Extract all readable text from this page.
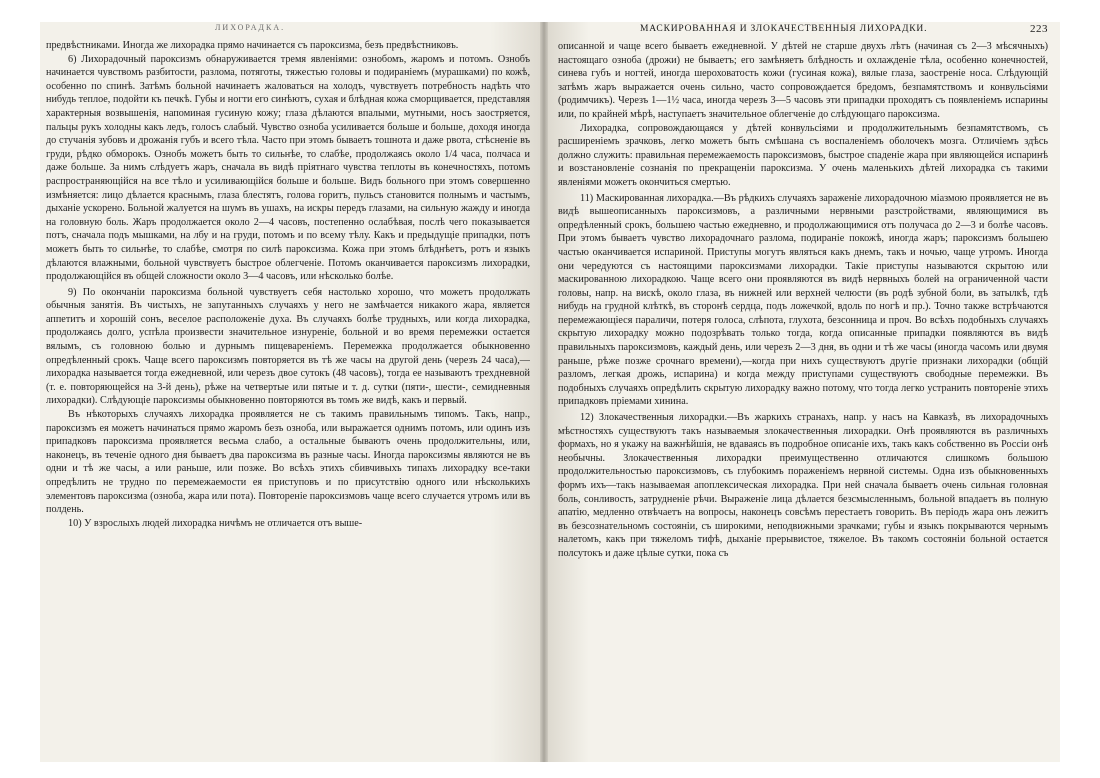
ЛИХОРАДКА.

предвѣстниками. Иногда же лихорадка прямо начинается съ пароксизма, безъ предвѣстниковъ.

6) Лихорадочный пароксизмъ обнаруживается тремя явленіями: ознобомъ, жаромъ и потомъ. Ознобъ начинается чувствомъ разбитости, разлома, потяготы, тяжестью головы и подираніемъ (мурашками) по кожѣ, особенно по спинѣ. Затѣмъ больной начинаетъ жаловаться на холодъ, чувствуетъ потребность надѣть что нибудь теплое, подойти къ печкѣ. Губы и ногти его синѣютъ, сухая и блѣдная кожа сморщивается, представляя характерныя возвышенія, напоминая гусиную кожу; глаза дѣлаются впалыми, мутными, носъ заостряется, пальцы рукъ холодны какъ ледъ, голосъ слабый. Чувство озноба усиливается больше и больше, доходя иногда до стучанія зубовъ и дрожанія губъ и всего тѣла. Часто при этомъ бываетъ тошнота и даже рвота, стѣсненіе въ груди, рѣдко обморокъ. Ознобъ можетъ быть то сильнѣе, то слабѣе, продолжаясь около 1/4 часа, полчаса и даже больше. За нимъ слѣдуетъ жаръ, сначала въ видѣ пріятнаго чувства теплоты въ конечностяхъ, потомъ распространяющійся на все тѣло и усиливающійся больше и больше. Видъ больного при этомъ совершенно измѣняется: лицо дѣлается краснымъ, глаза блестятъ, голова горитъ, пульсъ становится полнымъ и частымъ, дыханіе ускорено. Больной жалуется на шумъ въ ушахъ, на искры передъ глазами, на сильную жажду и иногда на головную боль. Жаръ продолжается около 2—4 часовъ, постепенно ослабѣвая, послѣ чего показывается потъ, сначала подъ мышками, на лбу и на груди, потомъ и по всему тѣлу. Какъ и предыдущіе припадки, потъ можетъ быть то сильнѣе, то слабѣе, смотря по силѣ пароксизма. Кожа при этомъ блѣднѣетъ, ротъ и языкъ дѣлаются влажными, больной чувствуетъ быстрое облегченіе. Потомъ оканчивается пароксизмъ лихорадки, продолжающійся въ общей сложности около 3—4 часовъ, или нѣсколько болѣе.

9) По окончаніи пароксизма больной чувствуетъ себя настолько хорошо, что можетъ продолжать обычныя занятія. Въ чистыхъ, не запутанныхъ случаяхъ у него не замѣчается никакого жара, является аппетитъ и хорошій сонъ, веселое расположеніе духа. Въ случаяхъ болѣе трудныхъ, или когда лихорадка, продолжаясь долго, успѣла произвести значительное изнуреніе, больной и во время перемежки остается вялымъ, съ головною болью и дурнымъ пищевареніемъ. Перемежка продолжается обыкновенно опредѣленный срокъ. Чаще всего пароксизмъ повторяется въ тѣ же часы на другой день (черезъ 24 часа),—лихорадка называется тогда ежедневной, или черезъ двое сутокъ (48 часовъ), тогда ее называютъ трехдневной (т. е. повторяющейся на 3-й день), рѣже на четвертые или пятые и т. д. сутки (пяти-, шести-, семидневныя лихорадки). Слѣдующіе пароксизмы обыкновенно повторяются въ томъ же видѣ, какъ и первый.

Въ нѣкоторыхъ случаяхъ лихорадка проявляется не съ такимъ правильнымъ типомъ. Такъ, напр., пароксизмъ ея можетъ начинаться прямо жаромъ безъ озноба, или выражается однимъ потомъ, или одинъ изъ припадковъ пароксизма проявляется весьма слабо, а остальные бываютъ очень продолжительны, или, наконецъ, въ теченіе одного дня бываетъ два пароксизма въ разные часы. Иногда пароксизмы являются не въ одни и тѣ же часы, а или раньше, или позже. Во всѣхъ этихъ сбивчивыхъ типахъ лихорадку все-таки опредѣлить не трудно по перемежаемости ея приступовъ и по присутствію одного или нѣсколькихъ элементовъ пароксизма (озноба, жара или пота). Повтореніе пароксизмовъ чаще всего случается утромъ или въ полдень.

10) У взрослыхъ людей лихорадка ничѣмъ не отличается отъ выше-

МАСКИРОВАННАЯ И ЗЛОКАЧЕСТВЕННЫЯ ЛИХОРАДКИ.	223

описанной и чаще всего бываетъ ежедневной. У дѣтей не старше двухъ лѣтъ (начиная съ 2—3 мѣсячныхъ) настоящаго озноба (дрожи) не бываетъ; его замѣняетъ блѣдность и охлажденіе тѣла, особенно конечностей, синева губъ и ногтей, иногда шероховатость кожи (гусиная кожа), вялые глаза, заостреніе носа. Слѣдующій затѣмъ жаръ выражается очень сильно, часто сопровождается бредомъ, безпамятствомъ и конвульсіями (родимчикъ). Черезъ 1—1½ часа, иногда черезъ 3—5 часовъ эти припадки проходятъ съ появленіемъ испарины или, по крайней мѣрѣ, наступаетъ значительное облегченіе до слѣдующаго пароксизма.

Лихорадка, сопровождающаяся у дѣтей конвульсіями и продолжительнымъ безпамятствомъ, съ расширеніемъ зрачковъ, легко можетъ быть смѣшана съ воспаленіемъ оболочекъ мозга. Отличіемъ здѣсь должно служить: правильная перемежаемость пароксизмовъ, быстрое спаденіе жара при являющейся испаринѣ и возстановленіе сознанія по прекращеніи пароксизма. У очень маленькихъ дѣтей лихорадка съ такими явленіями можетъ окончиться смертью.

11) Маскированная лихорадка.—Въ рѣдкихъ случаяхъ зараженіе лихорадочною міазмою проявляется не въ видѣ вышеописанныхъ пароксизмовъ, а различными нервными разстройствами, являющимися въ опредѣленный срокъ, большею частью ежедневно, и продолжающимися отъ получаса до 2—3 и болѣе часовъ. При этомъ бываетъ чувство лихорадочнаго разлома, подираніе покожѣ, иногда жаръ; пароксизмъ большею частью оканчивается испариной. Приступы могутъ являться какъ днемъ, такъ и ночью, чаще утромъ. Иногда они чередуются съ настоящими пароксизмами лихорадки. Такіе приступы называются скрытою или маскированною лихорадкою. Чаще всего они проявляются въ видѣ нервныхъ болей на ограниченной части головы, напр. на вискѣ, около глаза, въ нижней или верхней челюсти (въ родѣ зубной боли, въ затылкѣ, гдѣ нибудь на грудной клѣткѣ, въ сторонѣ сердца, подъ ложечкой, вдоль по ногѣ и пр.). Точно также встрѣчаются перемежающіеся параличи, потеря голоса, слѣпота, глухота, безсонница и проч. Во всѣхъ подобныхъ случаяхъ скрытую лихорадку можно подозрѣвать только тогда, когда описанные припадки появляются въ видѣ правильныхъ пароксизмовъ, каждый день, или черезъ 2—3 дня, въ одни и тѣ же часы (иногда часомъ или двумя раньше, рѣже позже срочнаго времени),—когда при нихъ существуютъ другіе признаки лихорадки (общій разломъ, легкая дрожь, испарина) и когда между приступами существуютъ свободные перемежки. Въ подобныхъ случаяхъ опредѣлить скрытую лихорадку важно потому, что тогда легко устранить повтореніе этихъ припадковъ пріемами хинина.

12) Злокачественныя лихорадки.—Въ жаркихъ странахъ, напр. у насъ на Кавказѣ, въ лихорадочныхъ мѣстностяхъ существуютъ такъ называемыя злокачественныя лихорадки. Онѣ проявляются въ различныхъ формахъ, но я укажу на важнѣйшія, не вдаваясь въ подробное описаніе ихъ, такъ какъ собственно въ Россіи онѣ необычны. Злокачественныя лихорадки преимущественно отличаются слишкомъ большою продолжительностью пароксизмовъ, съ глубокимъ пораженіемъ нервной системы. Одна изъ обыкновенныхъ формъ ихъ—такъ называемая апоплексическая лихорадка. При ней сначала бываетъ очень сильная головная боль, сонливость, затрудненіе рѣчи. Выраженіе лица дѣлается безсмысленнымъ, больной впадаетъ въ полную апатію, медленно отвѣчаетъ на вопросы, наконецъ совсѣмъ перестаетъ говорить. Въ періодъ жара онъ лежитъ въ безсознательномъ состояніи, съ широкими, неподвижными зрачками; губы и языкъ покрываются чернымъ налетомъ, какъ при тяжеломъ тифѣ, дыханіе прерывистое, тяжелое. Въ такомъ состояніи больной остается полсутокъ и даже цѣлые сутки, пока съ
